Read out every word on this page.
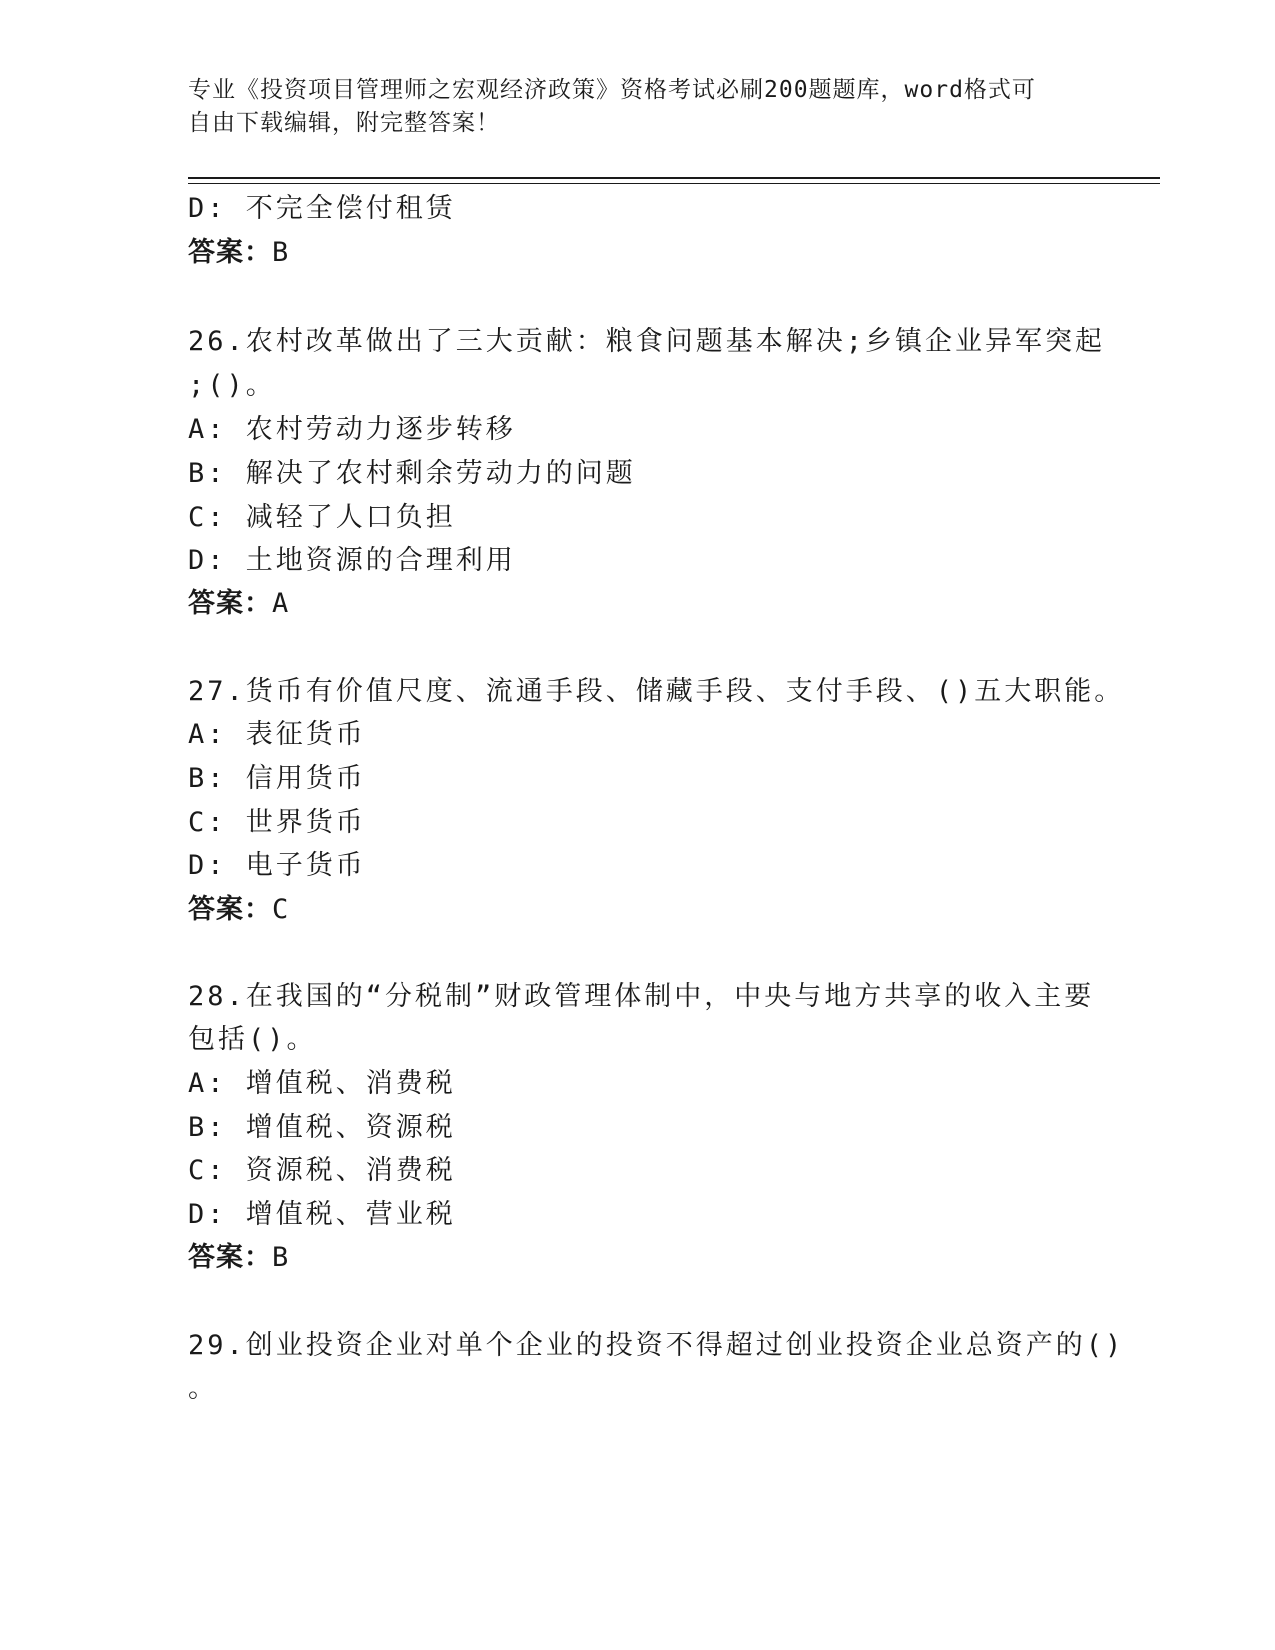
专业《投资项目管理师之宏观经济政策》资格考试必刷200题题库，word格式可
自由下载编辑，附完整答案！
D: 不完全偿付租赁
答案：B
26.农村改革做出了三大贡献：粮食问题基本解决;乡镇企业异军突起
;()。
A: 农村劳动力逐步转移
B: 解决了农村剩余劳动力的问题
C: 减轻了人口负担
D: 土地资源的合理利用
答案：A
27.货币有价值尺度、流通手段、储藏手段、支付手段、()五大职能。
A: 表征货币
B: 信用货币
C: 世界货币
D: 电子货币
答案：C
28.在我国的“分税制”财政管理体制中，中央与地方共享的收入主要
包括()。
A: 增值税、消费税
B: 增值税、资源税
C: 资源税、消费税
D: 增值税、营业税
答案：B
29.创业投资企业对单个企业的投资不得超过创业投资企业总资产的()
。
